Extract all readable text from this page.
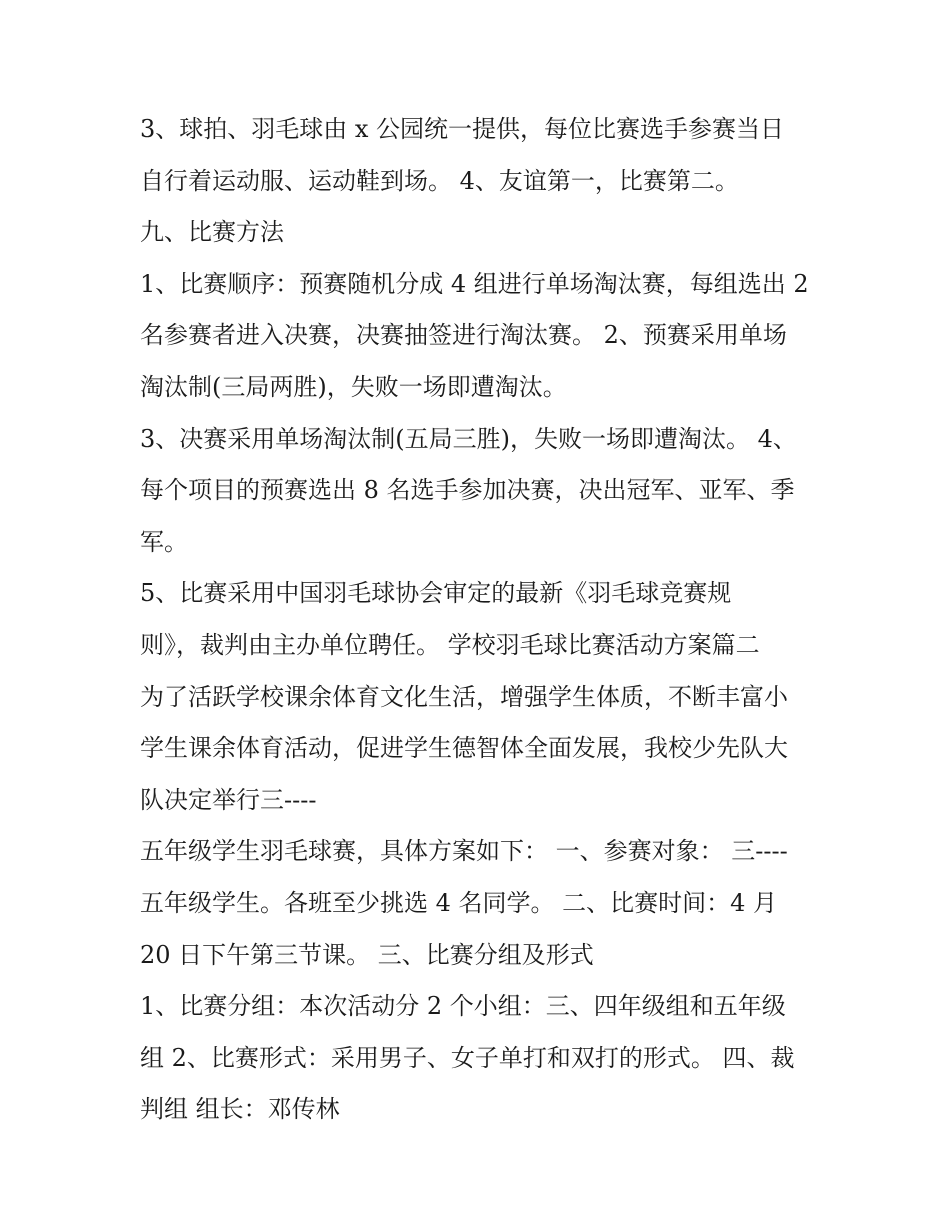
3、球拍、羽毛球由 x 公园统一提供，每位比赛选手参赛当日

自行着运动服、运动鞋到场。 4、友谊第一，比赛第二。

九、比赛方法

1、比赛顺序：预赛随机分成 4 组进行单场淘汰赛，每组选出 2

名参赛者进入决赛，决赛抽签进行淘汰赛。 2、预赛采用单场

淘汰制(三局两胜)，失败一场即遭淘汰。

3、决赛采用单场淘汰制(五局三胜)，失败一场即遭淘汰。 4、

每个项目的预赛选出 8 名选手参加决赛，决出冠军、亚军、季

军。

5、比赛采用中国羽毛球协会审定的最新《羽毛球竞赛规

则》，裁判由主办单位聘任。 学校羽毛球比赛活动方案篇二

为了活跃学校课余体育文化生活，增强学生体质，不断丰富小

学生课余体育活动，促进学生德智体全面发展，我校少先队大

队决定举行三----

五年级学生羽毛球赛，具体方案如下： 一、参赛对象： 三----

五年级学生。各班至少挑选 4 名同学。 二、比赛时间：4 月

20 日下午第三节课。 三、比赛分组及形式

1、比赛分组：本次活动分 2 个小组：三、四年级组和五年级

组 2、比赛形式：采用男子、女子单打和双打的形式。 四、裁

判组 组长：邓传林
